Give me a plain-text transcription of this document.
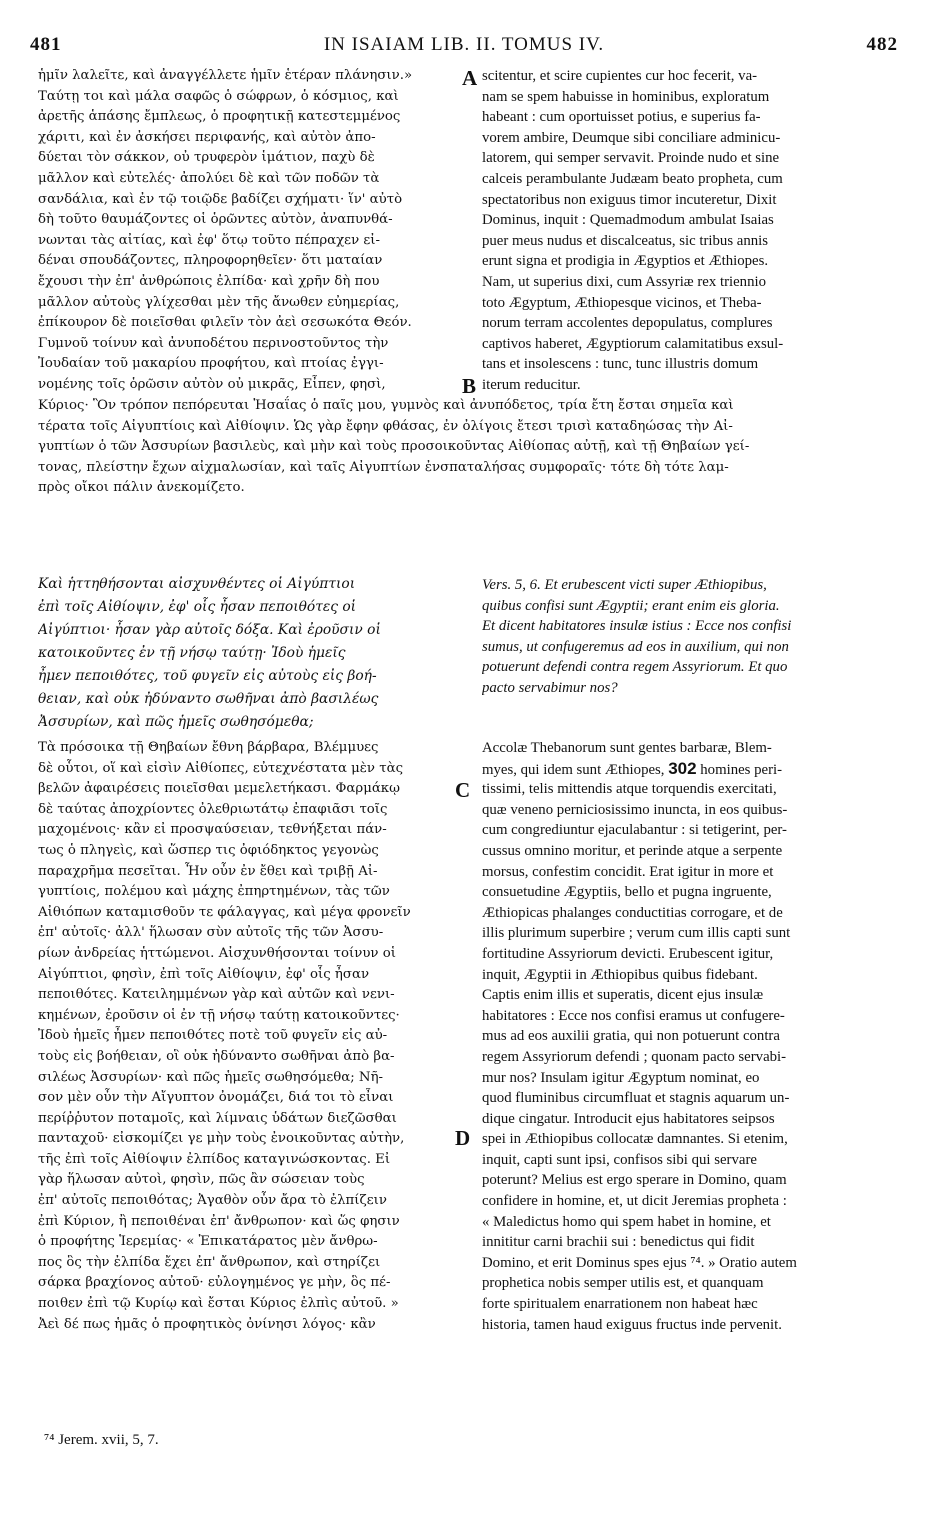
481	IN ISAIAM LIB. II. TOMUS IV.	482
ἡμῖν λαλεῖτε, καὶ ἀναγγέλλετε ἡμῖν ἑτέραν πλάνησιν.»
Ταύτῃ τοι καὶ μάλα σαφῶς ὁ σώφρων, ὁ κόσμιος, καὶ
ἀρετῆς ἁπάσης ἔμπλεως, ὁ προφητικῇ κατεστεμμένος
χάριτι, καὶ ἐν ἀσκήσει περιφανής, καὶ αὐτὸν ἀπο-
δύεται τὸν σάκκον, οὐ τρυφερὸν ἱμάτιον, παχὺ δὲ
μᾶλλον καὶ εὐτελές· ἀπολύει δὲ καὶ τῶν ποδῶν τὰ
σανδάλια, καὶ ἐν τῷ τοιῷδε βαδίζει σχήματι· ἵν' αὐτὸ
δὴ τοῦτο θαυμάζοντες οἱ ὁρῶντες αὐτὸν, ἀναπυνθά-
νωνται τὰς αἰτίας, καὶ ἐφ' ὅτῳ τοῦτο πέπραχεν εἰ-
δέναι σπουδάζοντες, πληροφορηθεῖεν· ὅτι ματαίαν
ἔχουσι τὴν ἐπ' ἀνθρώποις ἐλπίδα· καὶ χρῆν δὴ που
μᾶλλον αὐτοὺς γλίχεσθαι μὲν τῆς ἄνωθεν εὐημερίας,
ἐπίκουρον δὲ ποιεῖσθαι φιλεῖν τὸν ἀεὶ σεσωκότα Θεόν.
Γυμνοῦ τοίνυν καὶ ἀνυποδέτου περινοστοῦντος τὴν
Ἰουδαίαν τοῦ μακαρίου προφήτου, καὶ πτοίας ἐγγι-
νομένης τοῖς ὁρῶσιν αὐτὸν οὐ μικρᾶς, Εἶπεν, φησὶ,
A
B
scitentur, et scire cupientes cur hoc fecerit, va-
nam se spem habuisse in hominibus, exploratum
habeant : cum oportuisset potius, e superius fa-
vorem ambire, Deumque sibi conciliare adminicu-
latorem, qui semper servavit. Proinde nudo et sine
calceis perambulante Judæam beato propheta, cum
spectatoribus non exiguus timor incuteretur, Dixit
Dominus, inquit : Quemadmodum ambulat Isaias
puer meus nudus et discalceatus, sic tribus annis
erunt signa et prodigia in Ægyptios et Æthiopes.
Nam, ut superius dixi, cum Assyriæ rex triennio
toto Ægyptum, Æthiopesque vicinos, et Theba-
norum terram accolentes depopulatus, complures
captivos haberet, Ægyptiorum calamitatibus exsul-
tans et insolescens : tunc, tunc illustris domum
iterum reducitur.
Κύριος· Ὃν τρόπον πεπόρευται Ἠσαΐας ὁ παῖς μου, γυμνὸς καὶ ἀνυπόδετος, τρία ἔτη ἔσται σημεῖα καὶ
τέρατα τοῖς Αἰγυπτίοις καὶ Αἰθίοψιν. Ὡς γὰρ ἔφην φθάσας, ἐν ὀλίγοις ἔτεσι τρισὶ καταδηώσας τὴν Αἰ-
γυπτίων ὁ τῶν Ἀσσυρίων βασιλεὺς, καὶ μὴν καὶ τοὺς προσοικοῦντας Αἰθίοπας αὐτῇ, καὶ τῇ Θηβαίων γεί-
τονας, πλείστην ἔχων αἰχμαλωσίαν, καὶ ταῖς Αἰγυπτίων ἐνσπαταλήσας συμφοραῖς· τότε δὴ τότε λαμ-
πρὸς οἴκοι πάλιν ἀνεκομίζετο.
Καὶ ἡττηθήσονται αἰσχυνθέντες οἱ Αἰγύπτιοι
ἐπὶ τοῖς Αἰθίοψιν, ἐφ' οἷς ἦσαν πεποιθότες οἱ
Αἰγύπτιοι· ἦσαν γὰρ αὐτοῖς δόξα. Καὶ ἐροῦσιν οἱ
κατοικοῦντες ἐν τῇ νήσῳ ταύτῃ· Ἰδοὺ ἡμεῖς
ἦμεν πεποιθότες, τοῦ φυγεῖν εἰς αὐτοὺς εἰς βοή-
θειαν, καὶ οὐκ ἠδύναντο σωθῆναι ἀπὸ βασιλέως
Ἀσσυρίων, καὶ πῶς ἡμεῖς σωθησόμεθα;
Vers. 5, 6. Et erubescent victi super Æthiopibus,
quibus confisi sunt Ægyptii; erant enim eis gloria.
Et dicent habitatores insulæ istius : Ecce nos confisi
sumus, ut confugeremus ad eos in auxilium, qui non
potuerunt defendi contra regem Assyriorum. Et quo
pacto servabimur nos?
Τὰ πρόσοικα τῇ Θηβαίων ἔθνη βάρβαρα, Βλέμμυες
δὲ οὗτοι, οἵ καὶ εἰσὶν Αἰθίοπες, εὐτεχνέστατα μὲν τὰς
βελῶν ἀφαιρέσεις ποιεῖσθαι μεμελετήκασι. Φαρμάκῳ
δὲ ταύτας ἀποχρίοντες ὀλεθριωτάτῳ ἐπαφιᾶσι τοῖς
μαχομένοις· κἂν εἰ προσψαύσειαν, τεθνήξεται πάν-
τως ὁ πληγεὶς, καὶ ὥσπερ τις ὀφιόδηκτος γεγονὼς
παραχρῆμα πεσεῖται. Ἦν οὖν ἐν ἔθει καὶ τριβῇ Αἰ-
γυπτίοις, πολέμου καὶ μάχης ἐπηρτημένων, τὰς τῶν
Αἰθιόπων καταμισθοῦν τε φάλαγγας, καὶ μέγα φρονεῖν
ἐπ' αὐτοῖς· ἀλλ' ἥλωσαν σὺν αὐτοῖς τῆς τῶν Ἀσσυ-
ρίων ἀνδρείας ἡττώμενοι. Αἰσχυνθήσονται τοίνυν οἱ
Αἰγύπτιοι, φησὶν, ἐπὶ τοῖς Αἰθίοψιν, ἐφ' οἷς ἦσαν
πεποιθότες. Κατειλημμένων γὰρ καὶ αὐτῶν καὶ νενι-
κημένων, ἐροῦσιν οἱ ἐν τῇ νήσῳ ταύτῃ κατοικοῦντες·
Ἰδοὺ ἡμεῖς ἦμεν πεποιθότες ποτὲ τοῦ φυγεῖν εἰς αὐ-
τοὺς εἰς βοήθειαν, οἳ οὐκ ἠδύναντο σωθῆναι ἀπὸ βα-
σιλέως Ἀσσυρίων· καὶ πῶς ἡμεῖς σωθησόμεθα; Νῆ-
σον μὲν οὖν τὴν Αἴγυπτον ὀνομάζει, διά τοι τὸ εἶναι
περίῤῥυτον ποταμοῖς, καὶ λίμναις ὑδάτων διεζῶσθαι
πανταχοῦ· εἰσκομίζει γε μὴν τοὺς ἐνοικοῦντας αὐτὴν,
τῆς ἐπὶ τοῖς Αἰθίοψιν ἐλπίδος καταγινώσκοντας. Εἰ
γὰρ ἥλωσαν αὐτοὶ, φησὶν, πῶς ἂν σώσειαν τοὺς
ἐπ' αὐτοῖς πεποιθότας; Ἀγαθὸν οὖν ἄρα τὸ ἐλπίζειν
ἐπὶ Κύριον, ἢ πεποιθέναι ἐπ' ἄνθρωπον· καὶ ὥς φησιν
ὁ προφήτης Ἱερεμίας· « Ἐπικατάρατος μὲν ἄνθρω-
πος ὃς τὴν ἐλπίδα ἔχει ἐπ' ἄνθρωπον, καὶ στηρίζει
σάρκα βραχίονος αὐτοῦ· εὐλογημένος γε μὴν, ὃς πέ-
ποιθεν ἐπὶ τῷ Κυρίῳ καὶ ἔσται Κύριος ἐλπὶς αὐτοῦ. »
Ἀεὶ δέ πως ἡμᾶς ὁ προφητικὸς ὀνίνησι λόγος· κἂν
C
D
Accolæ Thebanorum sunt gentes barbaræ, Blem-
myes, qui idem sunt Æthiopes, 302 homines peri-
tissimi, telis mittendis atque torquendis exercitati,
quæ veneno perniciosissimo inuncta, in eos quibus-
cum congrediuntur ejaculabantur : si tetigerint, per-
cussus omnino moritur, et perinde atque a serpente
morsus, confestim concidit. Erat igitur in more et
consuetudine Ægyptiis, bello et pugna ingruente,
Æthiopicas phalanges conductitias corrogare, et de
illis plurimum superbire ; verum cum illis capti sunt
fortitudine Assyriorum devicti. Erubescent igitur,
inquit, Ægyptii in Æthiopibus quibus fidebant.
Captis enim illis et superatis, dicent ejus insulæ
habitatores : Ecce nos confisi eramus ut confugere-
mus ad eos auxilii gratia, qui non potuerunt contra
regem Assyriorum defendi ; quonam pacto servabi-
mur nos? Insulam igitur Ægyptum nominat, eo
quod fluminibus circumfluat et stagnis aquarum un-
dique cingatur. Introducit ejus habitatores seipsos
spei in Æthiopibus collocatæ damnantes. Si etenim,
inquit, capti sunt ipsi, confisos sibi qui servare
poterunt? Melius est ergo sperare in Domino, quam
confidere in homine, et, ut dicit Jeremias propheta :
« Maledictus homo qui spem habet in homine, et
innititur carni brachii sui : benedictus qui fidit
Domino, et erit Dominus spes ejus ⁷⁴. » Oratio autem
prophetica nobis semper utilis est, et quanquam
forte spiritualem enarrationem non habeat hæc
historia, tamen haud exiguus fructus inde pervenit.
⁷⁴ Jerem. xvii, 5, 7.
